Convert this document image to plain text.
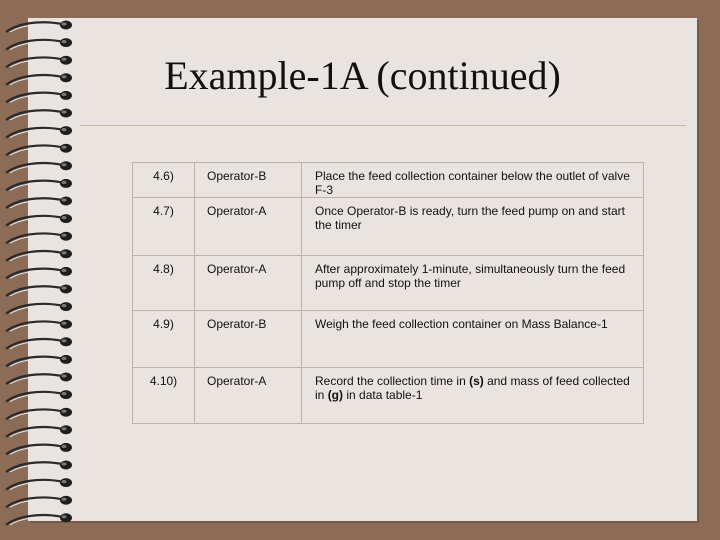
Example-1A (continued)
4.6)	Operator-B	Place the feed collection container below the outlet of valve F-3

4.7)	Operator-A	Once Operator-B is ready, turn the feed pump on and start the timer

4.8)	Operator-A	After approximately 1-minute, simultaneously turn the feed pump off and stop the timer

4.9)	Operator-B	Weigh the feed collection container on Mass Balance-1

4.10)	Operator-A	Record the collection time in (s) and mass of feed collected in (g) in data table-1
